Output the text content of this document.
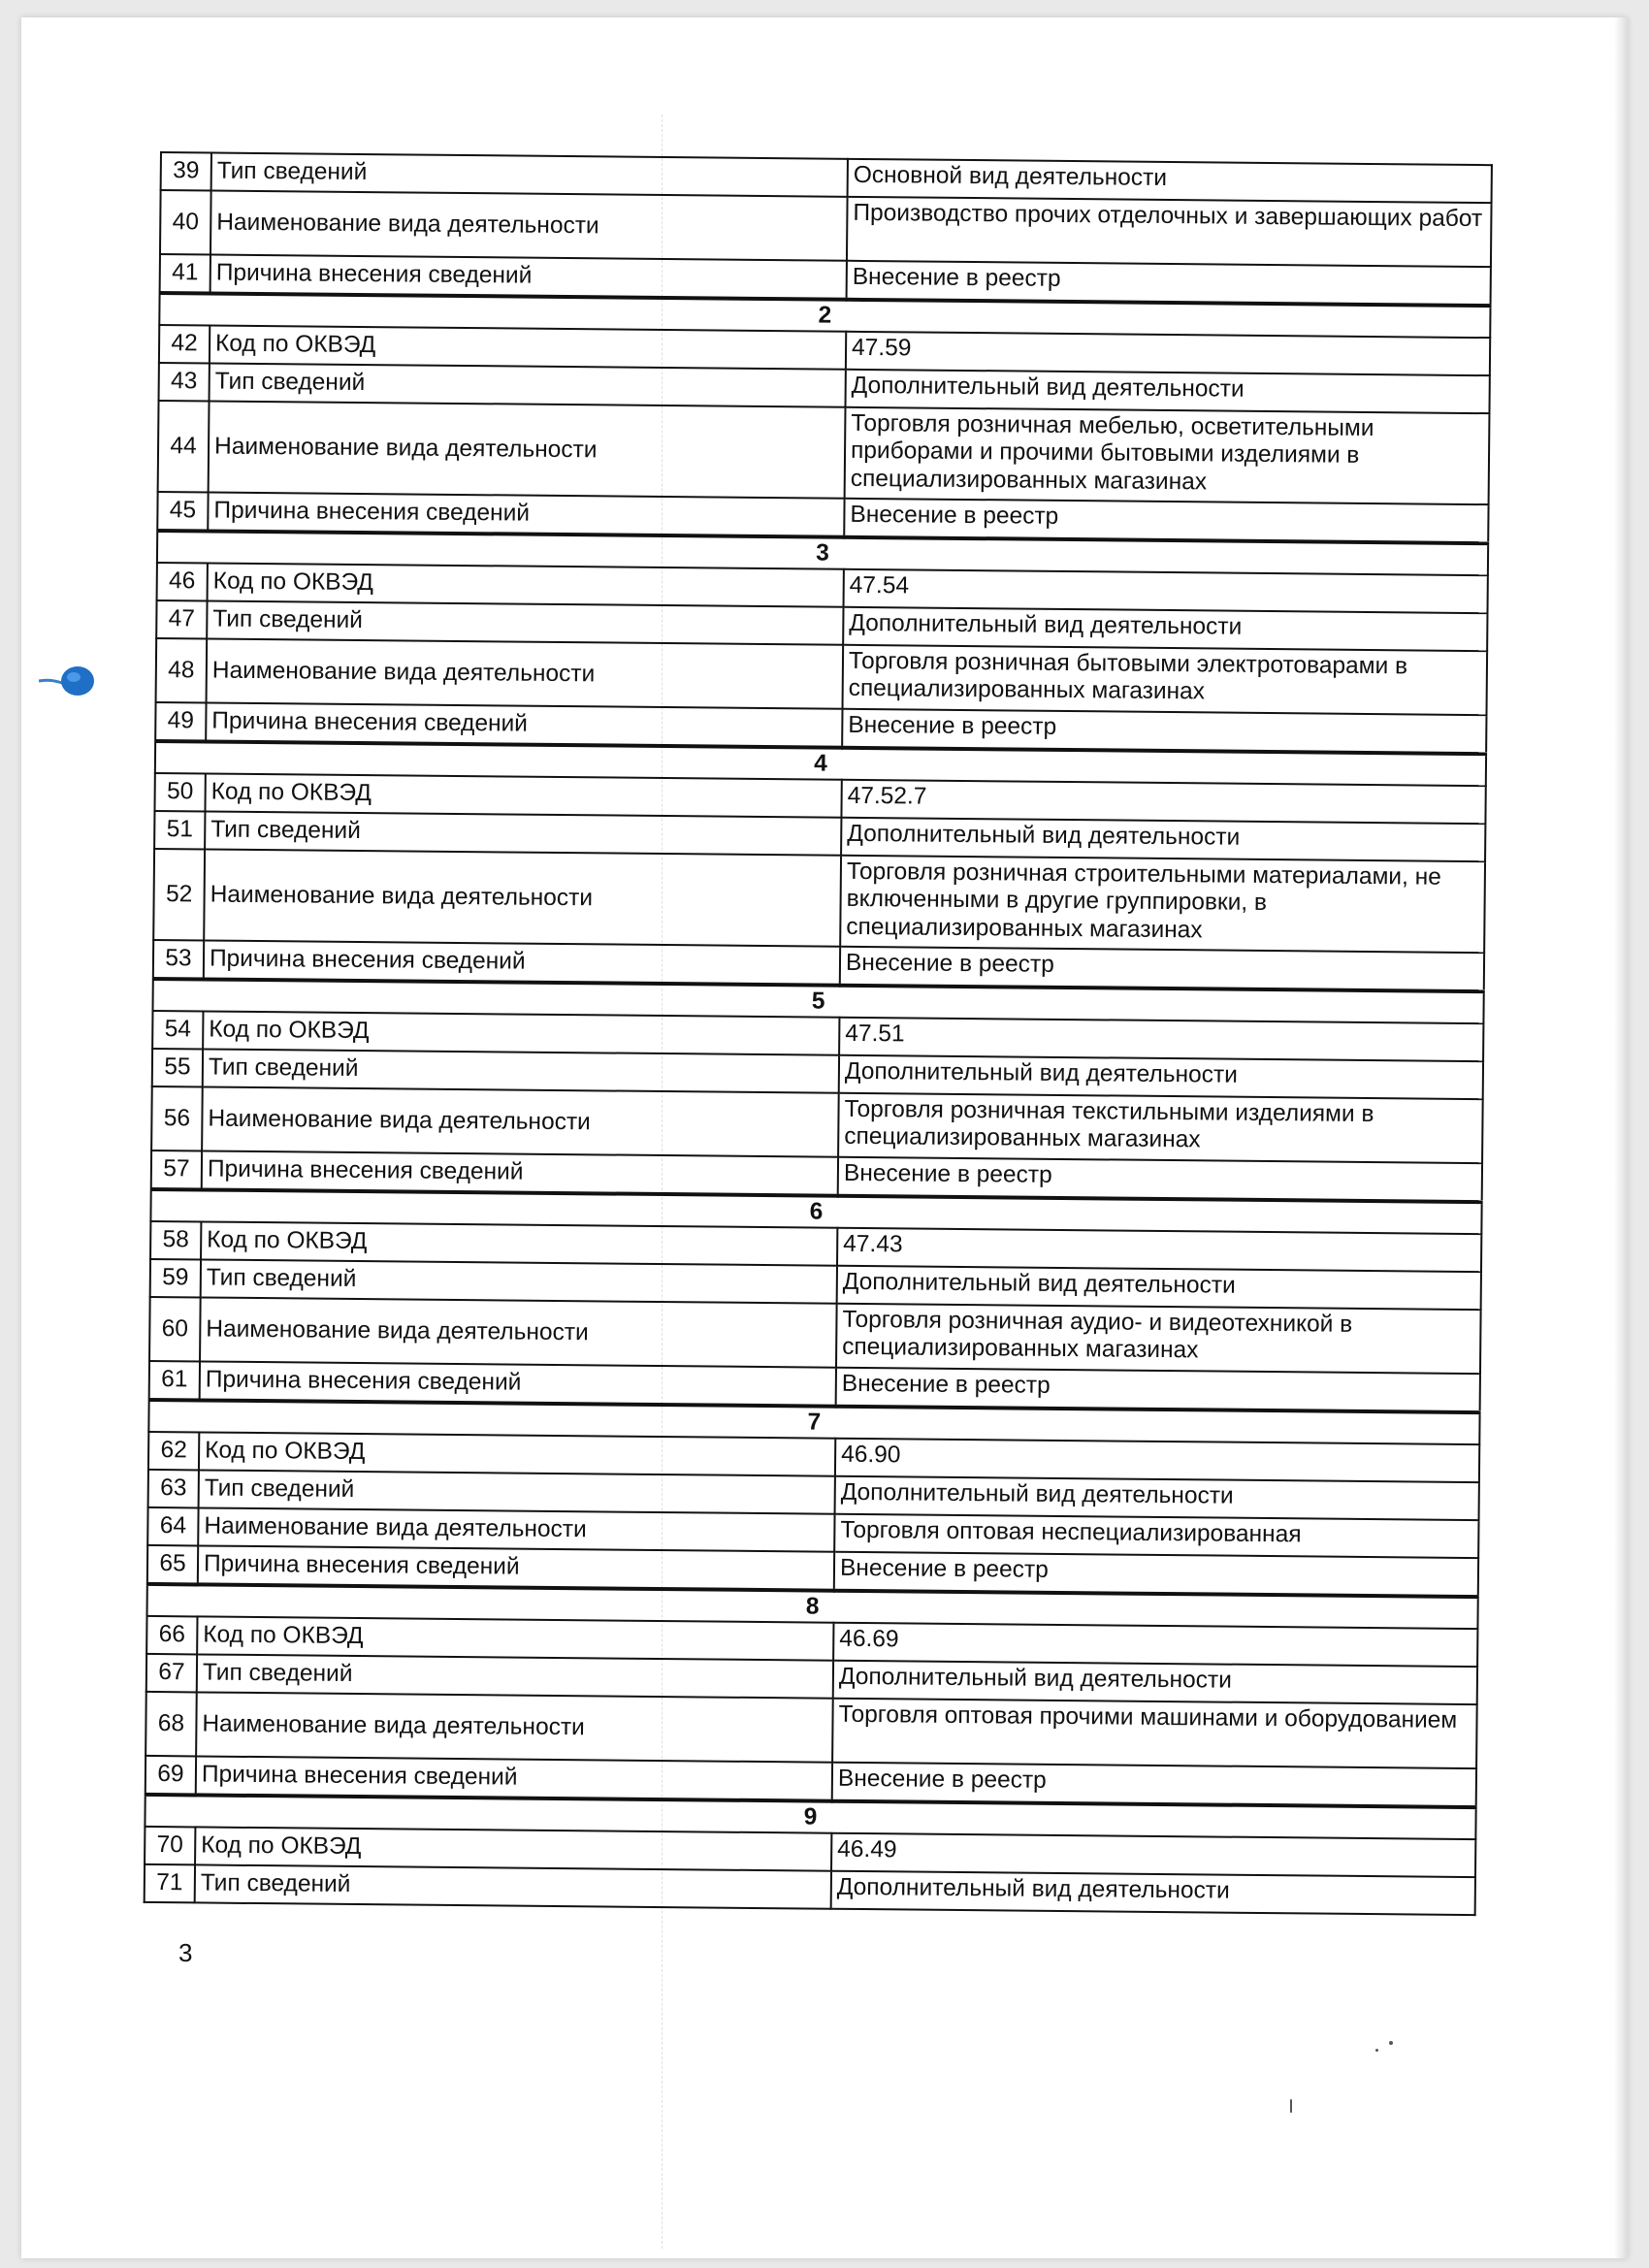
39	Тип сведений	Основной вид деятельности
40	Наименование вида деятельности	Производство прочих отделочных и завершающих работ
41	Причина внесения сведений	Внесение в реестр
2		
42	Код по ОКВЭД	47.59
43	Тип сведений	Дополнительный вид деятельности
44	Наименование вида деятельности	Торговля розничная мебелью, осветительными приборами и прочими бытовыми изделиями в специализированных магазинах
45	Причина внесения сведений	Внесение в реестр
3		
46	Код по ОКВЭД	47.54
47	Тип сведений	Дополнительный вид деятельности
48	Наименование вида деятельности	Торговля розничная бытовыми электротоварами в специализированных магазинах
49	Причина внесения сведений	Внесение в реестр
4		
50	Код по ОКВЭД	47.52.7
51	Тип сведений	Дополнительный вид деятельности
52	Наименование вида деятельности	Торговля розничная строительными материалами, не включенными в другие группировки, в специализированных магазинах
53	Причина внесения сведений	Внесение в реестр
5		
54	Код по ОКВЭД	47.51
55	Тип сведений	Дополнительный вид деятельности
56	Наименование вида деятельности	Торговля розничная текстильными изделиями в специализированных магазинах
57	Причина внесения сведений	Внесение в реестр
6		
58	Код по ОКВЭД	47.43
59	Тип сведений	Дополнительный вид деятельности
60	Наименование вида деятельности	Торговля розничная аудио- и видеотехникой в специализированных магазинах
61	Причина внесения сведений	Внесение в реестр
7		
62	Код по ОКВЭД	46.90
63	Тип сведений	Дополнительный вид деятельности
64	Наименование вида деятельности	Торговля оптовая неспециализированная
65	Причина внесения сведений	Внесение в реестр
8		
66	Код по ОКВЭД	46.69
67	Тип сведений	Дополнительный вид деятельности
68	Наименование вида деятельности	Торговля оптовая прочими машинами и оборудованием
69	Причина внесения сведений	Внесение в реестр
9		
70	Код по ОКВЭД	46.49
71	Тип сведений	Дополнительный вид деятельности
3
